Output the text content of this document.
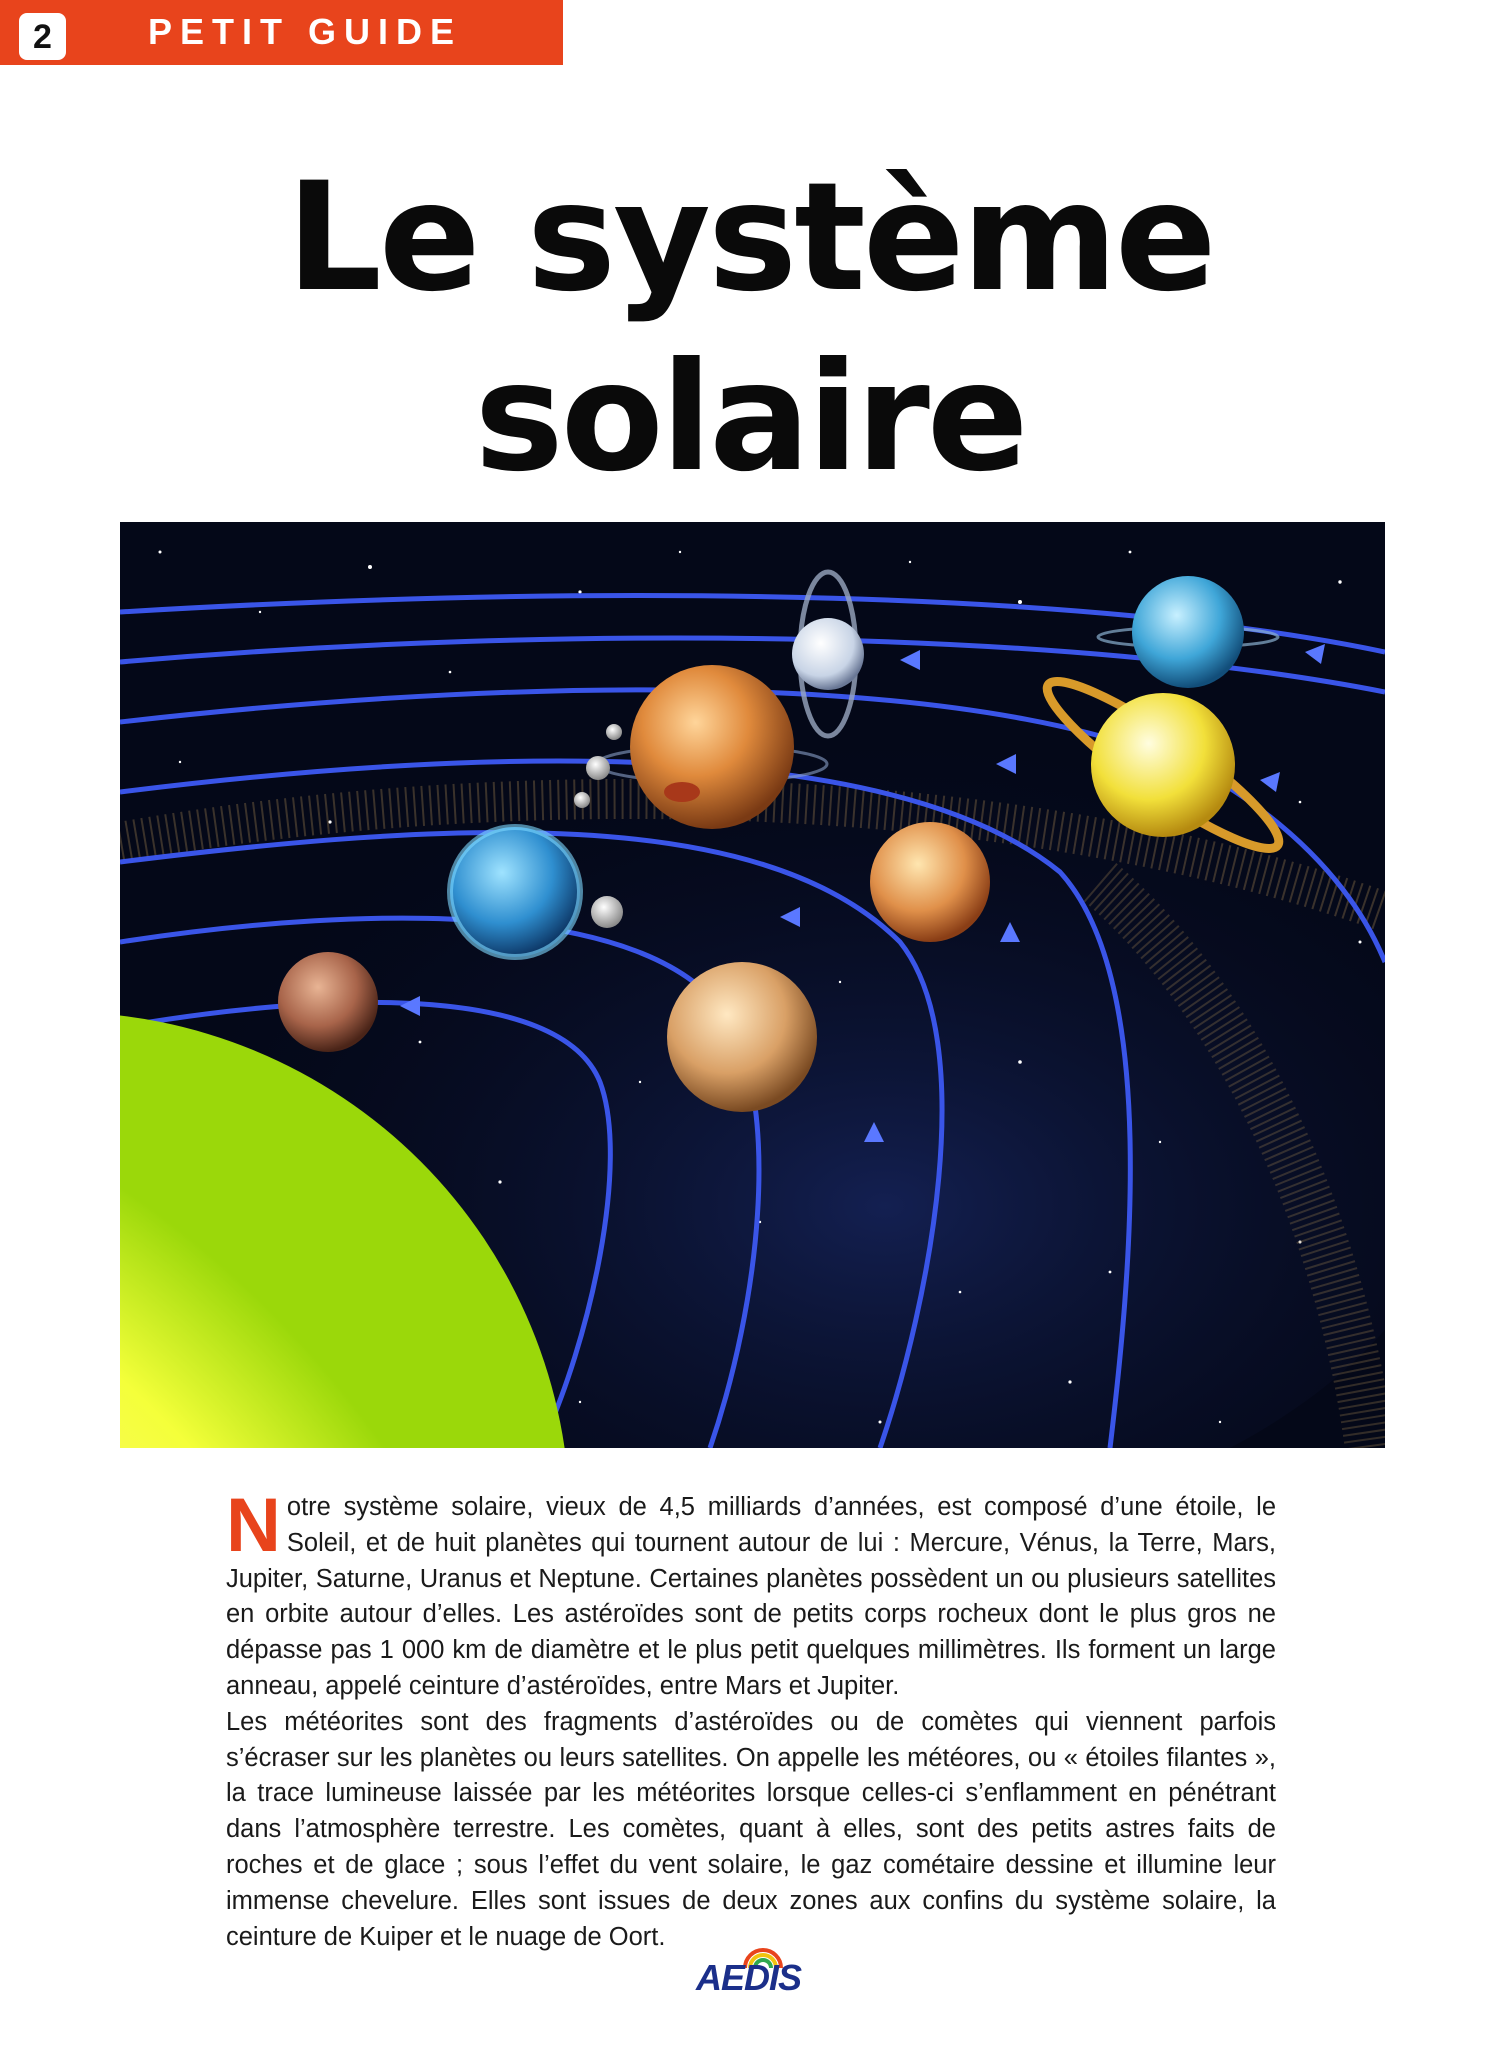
2	PETIT GUIDE
Le système
solaire

Notre système solaire, vieux de 4,5 milliards d’années, est composé d’une étoile, le Soleil, et de huit planètes qui tournent autour de lui : Mercure, Vénus, la Terre, Mars, Jupiter, Saturne, Uranus et Neptune. Certaines planètes possèdent un ou plusieurs satellites en orbite autour d’elles. Les astéroïdes sont de petits corps rocheux dont le plus gros ne dépasse pas 1 000 km de diamètre et le plus petit quelques millimètres. Ils forment un large anneau, appelé ceinture d’astéroïdes, entre Mars et Jupiter.

Les météorites sont des fragments d’astéroïdes ou de comètes qui viennent parfois s’écraser sur les planètes ou leurs satellites. On appelle les météores, ou « étoiles filantes », la trace lumineuse laissée par les météorites lorsque celles-ci s’enflamment en pénétrant dans l’atmosphère terrestre. Les comètes, quant à elles, sont des petits astres faits de roches et de glace ; sous l’effet du vent solaire, le gaz cométaire dessine et illumine leur immense chevelure. Elles sont issues de deux zones aux confins du système solaire, la ceinture de Kuiper et le nuage de Oort.

AEDIS
